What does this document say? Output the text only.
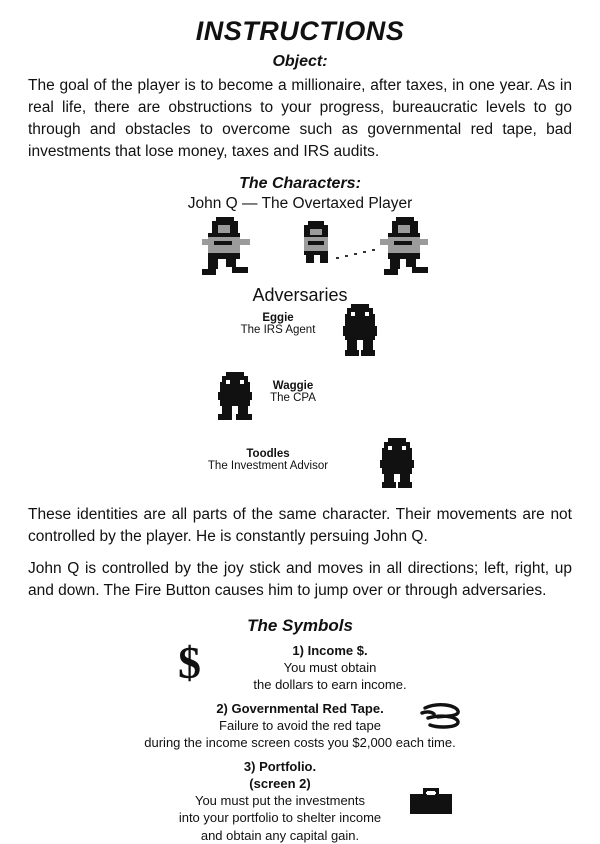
INSTRUCTIONS
Object:

The goal of the player is to become a millionaire, after taxes, in one year. As in real life, there are obstructions to your progress, bureaucratic levels to go through and obstacles to overcome such as governmental red tape, bad investments that lose money, taxes and IRS audits.

The Characters:
John Q — The Overtaxed Player
Adversaries
Eggie
The IRS Agent
Waggie
The CPA
Toodles
The Investment Advisor

These identities are all parts of the same character. Their movements are not controlled by the player. He is constantly persuing John Q.

John Q is controlled by the joy stick and moves in all directions; left, right, up and down. The Fire Button causes him to jump over or through adversaries.

The Symbols
$	1) Income $.
You must obtain
the dollars to earn income.
2) Governmental Red Tape.
Failure to avoid the red tape
during the income screen costs you $2,000 each time.
3) Portfolio.
(screen 2)
You must put the investments
into your portfolio to shelter income
and obtain any capital gain.
